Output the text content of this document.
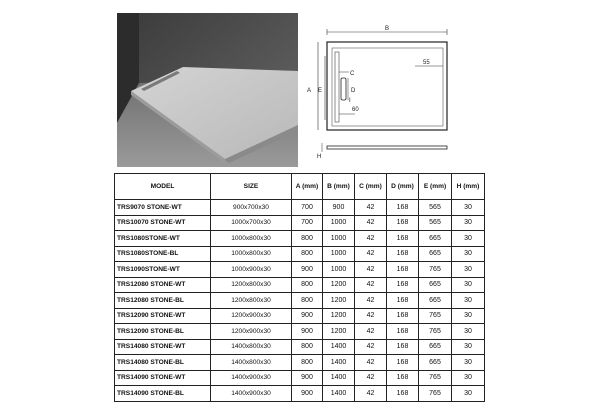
B
A E
55
C
D
I
60
H
MODEL	SIZE	A (mm)	B (mm)	C (mm)	D (mm)	E (mm)	H (mm)
TRS9070 STONE-WT	900x700x30	700	900	42	168	565	30
TRS10070 STONE-WT	1000x700x30	700	1000	42	168	565	30
TRS1080STONE-WT	1000x800x30	800	1000	42	168	665	30
TRS1080STONE-BL	1000x800x30	800	1000	42	168	665	30
TRS1090STONE-WT	1000x900x30	900	1000	42	168	765	30
TRS12080 STONE-WT	1200x800x30	800	1200	42	168	665	30
TRS12080 STONE-BL	1200x800x30	800	1200	42	168	665	30
TRS12090 STONE-WT	1200x900x30	900	1200	42	168	765	30
TRS12090 STONE-BL	1200x900x30	900	1200	42	168	765	30
TRS14080 STONE-WT	1400x800x30	800	1400	42	168	665	30
TRS14080 STONE-BL	1400x800x30	800	1400	42	168	665	30
TRS14090 STONE-WT	1400x900x30	900	1400	42	168	765	30
TRS14090 STONE-BL	1400x900x30	900	1400	42	168	765	30
